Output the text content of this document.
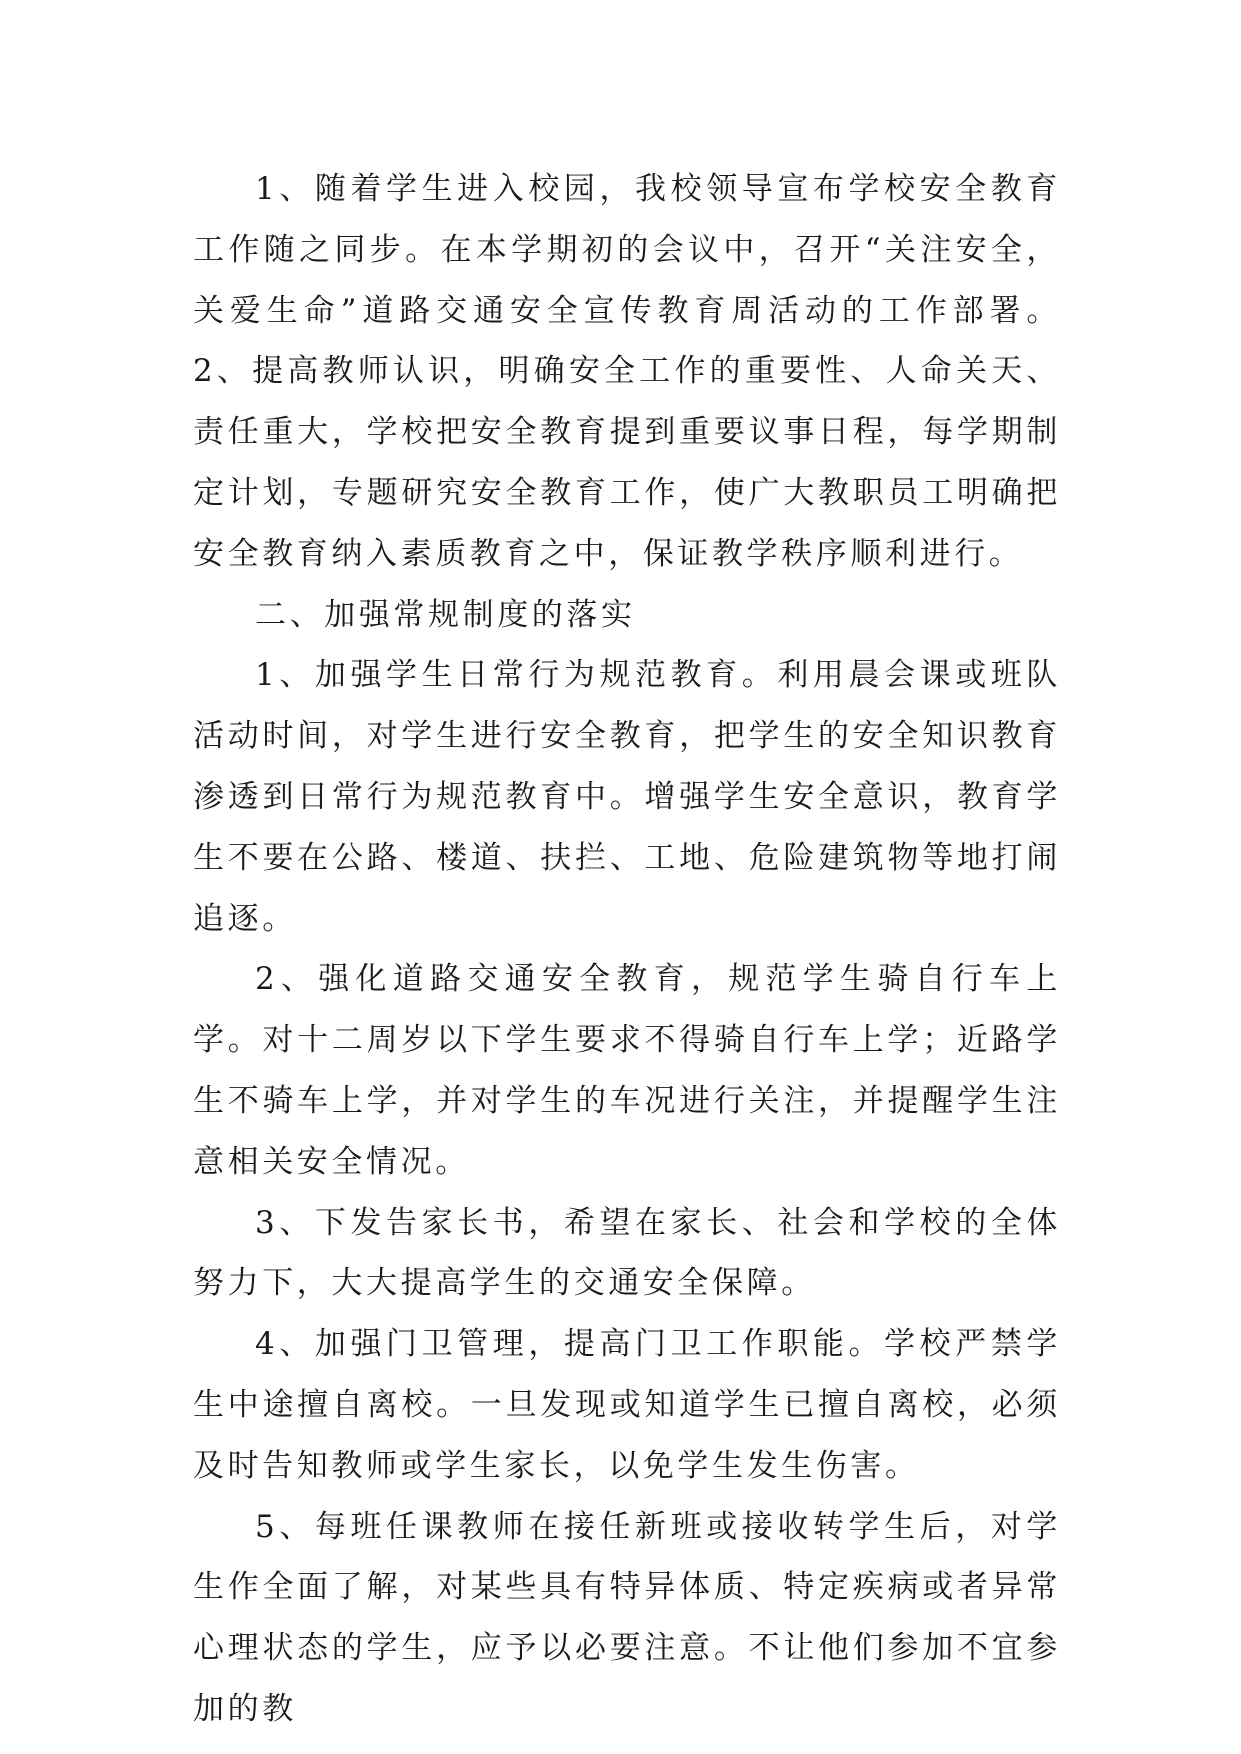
1、随着学生进入校园，我校领导宣布学校安全教育工作随之同步。在本学期初的会议中，召开“关注安全，关爱生命”道路交通安全宣传教育周活动的工作部署。2、提高教师认识，明确安全工作的重要性、人命关天、责任重大，学校把安全教育提到重要议事日程，每学期制定计划，专题研究安全教育工作，使广大教职员工明确把安全教育纳入素质教育之中，保证教学秩序顺利进行。

二、加强常规制度的落实

1、加强学生日常行为规范教育。利用晨会课或班队活动时间，对学生进行安全教育，把学生的安全知识教育渗透到日常行为规范教育中。增强学生安全意识，教育学生不要在公路、楼道、扶拦、工地、危险建筑物等地打闹追逐。

2、强化道路交通安全教育，规范学生骑自行车上学。对十二周岁以下学生要求不得骑自行车上学；近路学生不骑车上学，并对学生的车况进行关注，并提醒学生注意相关安全情况。

3、下发告家长书，希望在家长、社会和学校的全体努力下，大大提高学生的交通安全保障。

4、加强门卫管理，提高门卫工作职能。学校严禁学生中途擅自离校。一旦发现或知道学生已擅自离校，必须及时告知教师或学生家长，以免学生发生伤害。

5、每班任课教师在接任新班或接收转学生后，对学生作全面了解，对某些具有特异体质、特定疾病或者异常心理状态的学生，应予以必要注意。不让他们参加不宜参加的教
